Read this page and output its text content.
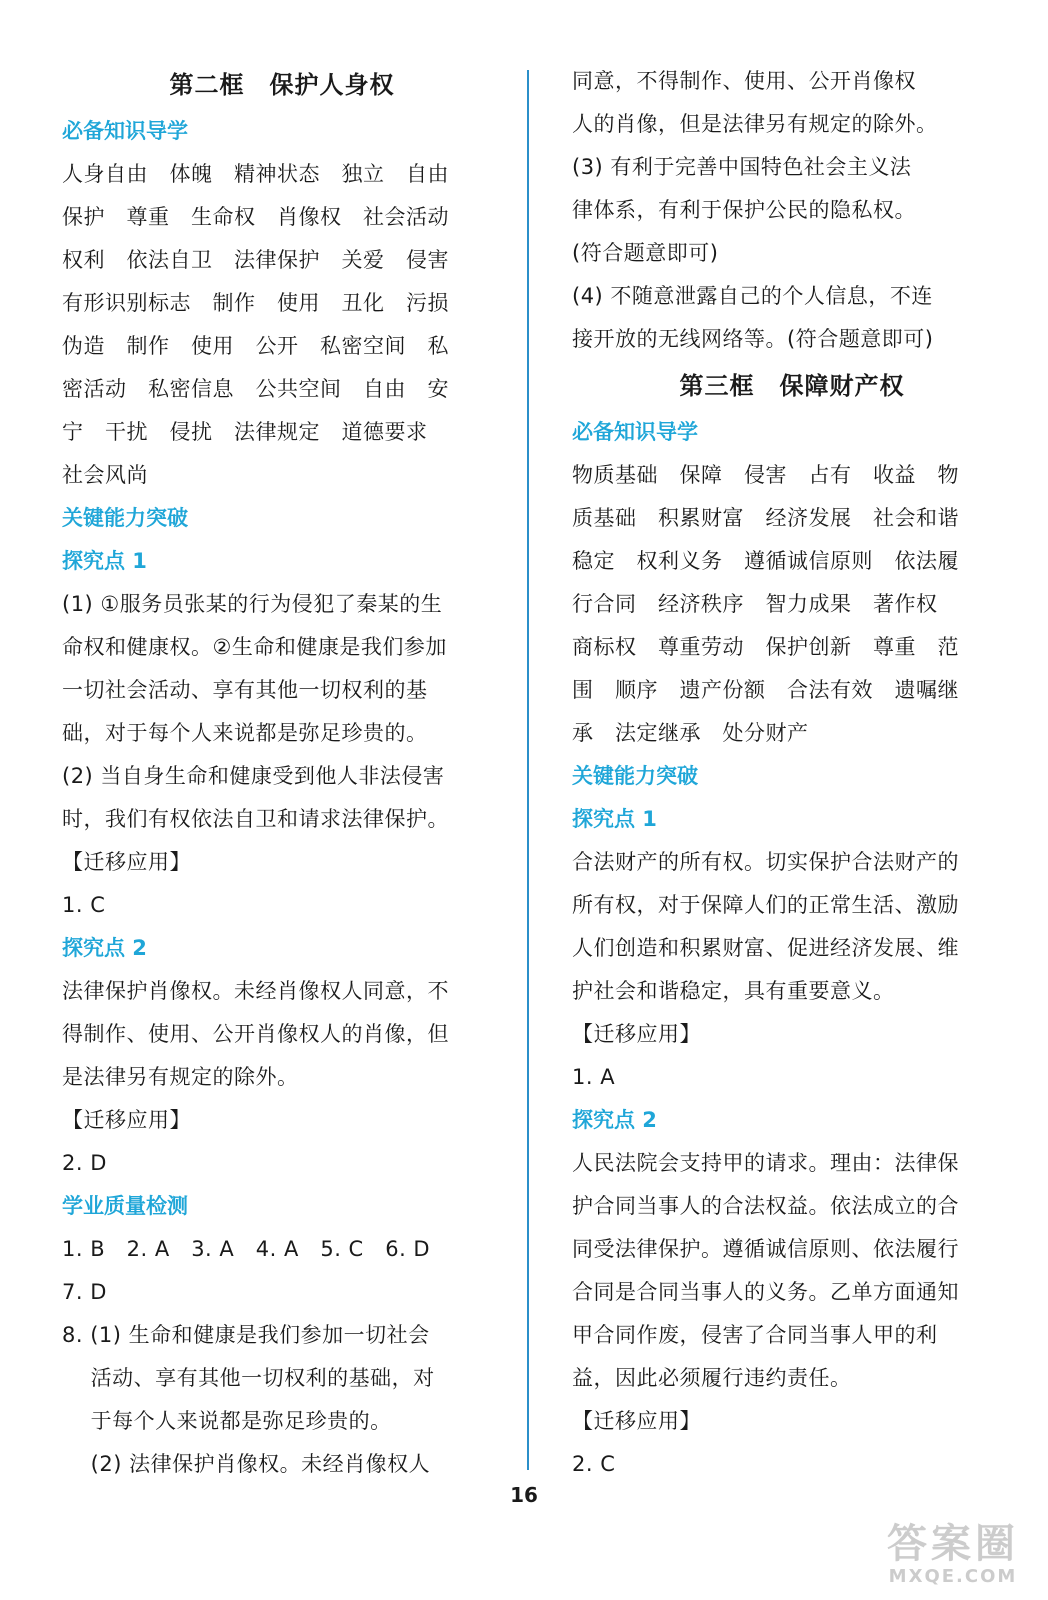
第二框　保护人身权
必备知识导学
人身自由　体魄　精神状态　独立　自由
保护　尊重　生命权　肖像权　社会活动
权利　依法自卫　法律保护　关爱　侵害
有形识别标志　制作　使用　丑化　污损
伪造　制作　使用　公开　私密空间　私
密活动　私密信息　公共空间　自由　安
宁　干扰　侵扰　法律规定　道德要求
社会风尚
关键能力突破
探究点 1
(1) ①服务员张某的行为侵犯了秦某的生
命权和健康权。②生命和健康是我们参加
一切社会活动、享有其他一切权利的基
础，对于每个人来说都是弥足珍贵的。
(2) 当自身生命和健康受到他人非法侵害
时，我们有权依法自卫和请求法律保护。
【迁移应用】
1. C
探究点 2
法律保护肖像权。未经肖像权人同意，不
得制作、使用、公开肖像权人的肖像，但
是法律另有规定的除外。
【迁移应用】
2. D
学业质量检测
1. B　2. A　3. A　4. A　5. C　6. D
7. D
8. (1) 生命和健康是我们参加一切社会
　 活动、享有其他一切权利的基础，对
　 于每个人来说都是弥足珍贵的。
　 (2) 法律保护肖像权。未经肖像权人
同意，不得制作、使用、公开肖像权
人的肖像，但是法律另有规定的除外。
(3) 有利于完善中国特色社会主义法
律体系，有利于保护公民的隐私权。
(符合题意即可)
(4) 不随意泄露自己的个人信息，不连
接开放的无线网络等。(符合题意即可)
第三框　保障财产权
必备知识导学
物质基础　保障　侵害　占有　收益　物
质基础　积累财富　经济发展　社会和谐
稳定　权利义务　遵循诚信原则　依法履
行合同　经济秩序　智力成果　著作权
商标权　尊重劳动　保护创新　尊重　范
围　顺序　遗产份额　合法有效　遗嘱继
承　法定继承　处分财产
关键能力突破
探究点 1
合法财产的所有权。切实保护合法财产的
所有权，对于保障人们的正常生活、激励
人们创造和积累财富、促进经济发展、维
护社会和谐稳定，具有重要意义。
【迁移应用】
1. A
探究点 2
人民法院会支持甲的请求。理由：法律保
护合同当事人的合法权益。依法成立的合
同受法律保护。遵循诚信原则、依法履行
合同是合同当事人的义务。乙单方面通知
甲合同作废，侵害了合同当事人甲的利
益，因此必须履行违约责任。
【迁移应用】
2. C
16
答案圈
MXQE.COM
